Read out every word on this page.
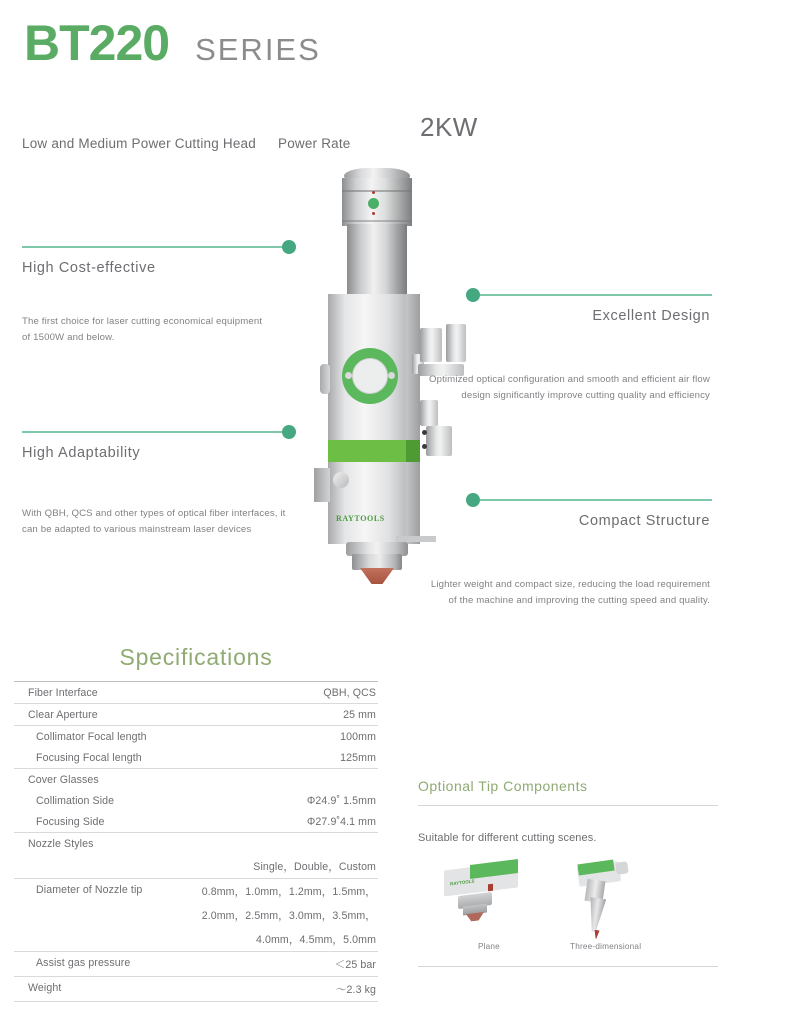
BT220 SERIES
Low and Medium Power Cutting Head Power Rate
2KW
RAYTOOLS
High Cost-effective
The first choice for laser cutting economical equipment of 1500W and below.
High Adaptability
With QBH, QCS and other types of optical fiber interfaces, it can be adapted to various mainstream laser devices
Excellent Design
Optimized optical configuration and smooth and efficient air flow design significantly improve cutting quality and efficiency
Compact Structure
Lighter weight and compact size, reducing the load requirement of the machine and improving the cutting speed and quality.
Specifications
Fiber Interface	QBH, QCS
Clear Aperture	25 mm
Collimator Focal length	100mm
Focusing Focal length	125mm
Cover Glasses	
Collimation Side	Φ24.9˚ 1.5mm
Focusing Side	Φ27.9˚4.1 mm
Nozzle Styles	
Single，Double，Custom	
Diameter of Nozzle tip	0.8mm，1.0mm，1.2mm，1.5mm，
2.0mm，2.5mm，3.0mm，3.5mm，	
4.0mm，4.5mm，5.0mm	
Assist gas pressure	＜25 bar
Weight	～2.3 kg
Optional Tip Components
Suitable for different cutting scenes.
RAYTOOLS
Plane	Three-dimensional
